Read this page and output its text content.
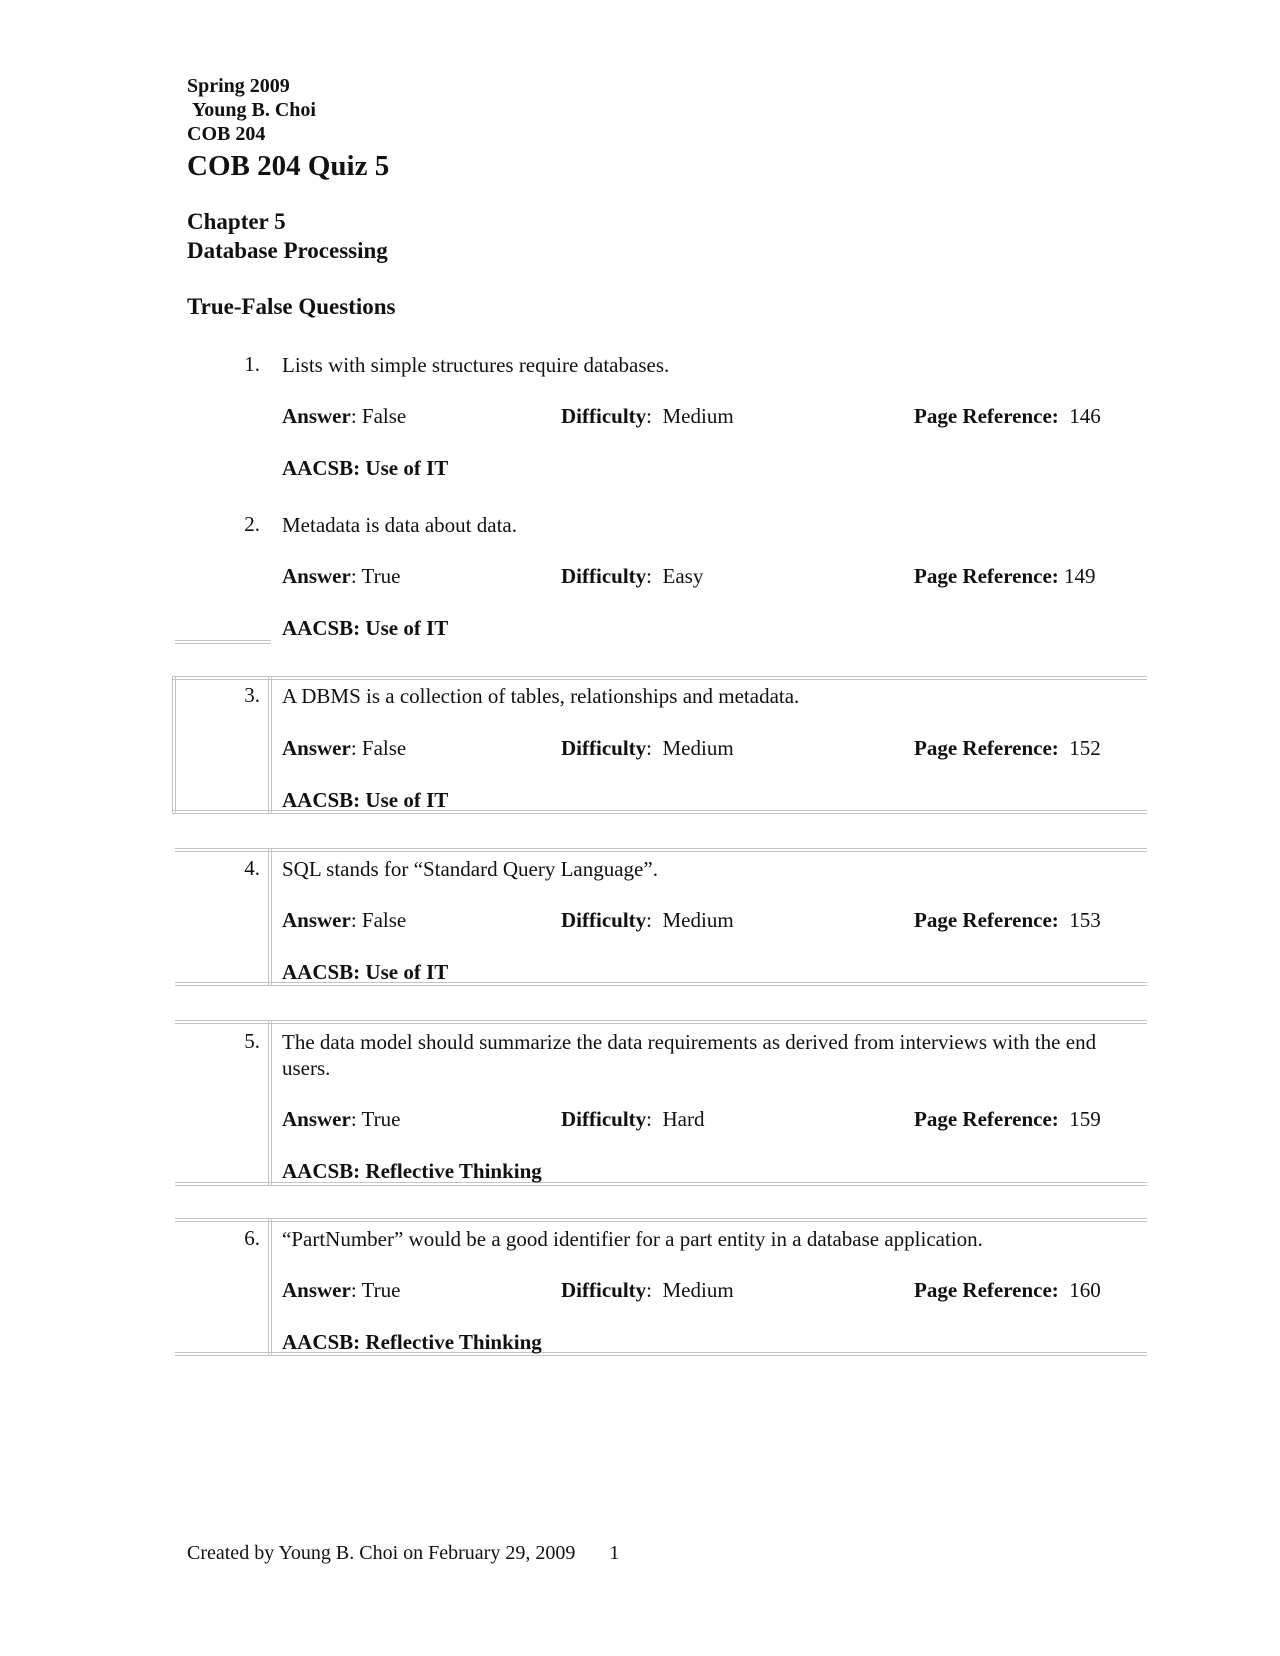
Spring 2009
Young B. Choi
COB 204
COB 204 Quiz 5
Chapter 5
Database Processing
True-False Questions
1. Lists with simple structures require databases.
Answer: False	Difficulty:  Medium	Page Reference: 146
AACSB: Use of IT
2. Metadata is data about data.
Answer: True	Difficulty:  Easy	Page Reference: 149
AACSB: Use of IT
3. A DBMS is a collection of tables, relationships and metadata.
Answer: False	Difficulty:  Medium	Page Reference: 152
AACSB: Use of IT
4. SQL stands for “Standard Query Language”.
Answer: False	Difficulty:  Medium	Page Reference: 153
AACSB: Use of IT
5. The data model should summarize the data requirements as derived from interviews with the end users.
Answer: True	Difficulty:  Hard	Page Reference: 159
AACSB: Reflective Thinking
6. “PartNumber” would be a good identifier for a part entity in a database application.
Answer: True	Difficulty:  Medium	Page Reference: 160
AACSB: Reflective Thinking
Created by Young B. Choi on February 29, 2009 1
